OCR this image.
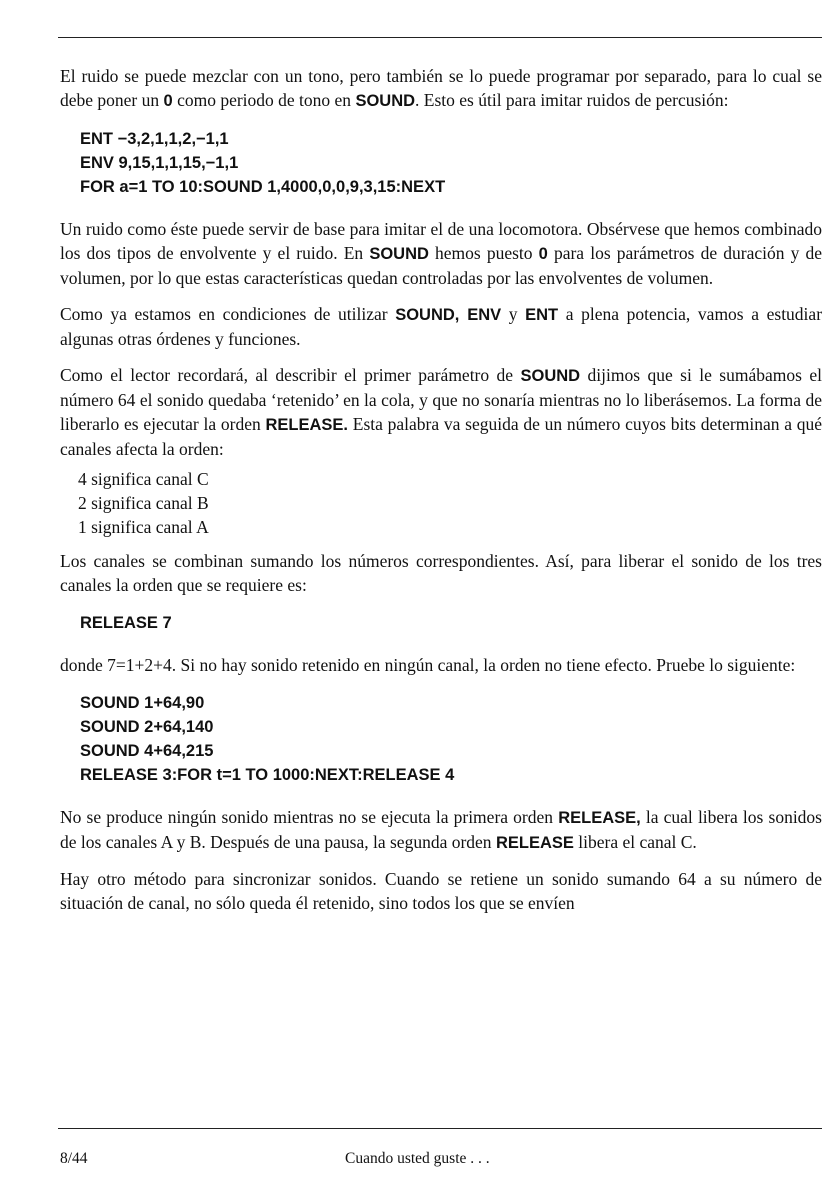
El ruido se puede mezclar con un tono, pero también se lo puede programar por separado, para lo cual se debe poner un 0 como periodo de tono en SOUND. Esto es útil para imitar ruidos de percusión:

ENT −3,2,1,1,2,−1,1
ENV 9,15,1,1,15,−1,1
FOR a=1 TO 10:SOUND 1,4000,0,0,9,3,15:NEXT

Un ruido como éste puede servir de base para imitar el de una locomotora. Obsérvese que hemos combinado los dos tipos de envolvente y el ruido. En SOUND hemos puesto 0 para los parámetros de duración y de volumen, por lo que estas características quedan controladas por las envolventes de volumen.

Como ya estamos en condiciones de utilizar SOUND, ENV y ENT a plena potencia, vamos a estudiar algunas otras órdenes y funciones.

Como el lector recordará, al describir el primer parámetro de SOUND dijimos que si le sumábamos el número 64 el sonido quedaba ‘retenido’ en la cola, y que no sonaría mientras no lo liberásemos. La forma de liberarlo es ejecutar la orden RELEASE. Esta palabra va seguida de un número cuyos bits determinan a qué canales afecta la orden:

4 significa canal C
2 significa canal B
1 significa canal A

Los canales se combinan sumando los números correspondientes. Así, para liberar el sonido de los tres canales la orden que se requiere es:

RELEASE 7

donde 7=1+2+4. Si no hay sonido retenido en ningún canal, la orden no tiene efecto. Pruebe lo siguiente:

SOUND 1+64,90
SOUND 2+64,140
SOUND 4+64,215
RELEASE 3:FOR t=1 TO 1000:NEXT:RELEASE 4

No se produce ningún sonido mientras no se ejecuta la primera orden RELEASE, la cual libera los sonidos de los canales A y B. Después de una pausa, la segunda orden RELEASE libera el canal C.

Hay otro método para sincronizar sonidos. Cuando se retiene un sonido sumando 64 a su número de situación de canal, no sólo queda él retenido, sino todos los que se envíen

8/44	Cuando usted guste . . .
